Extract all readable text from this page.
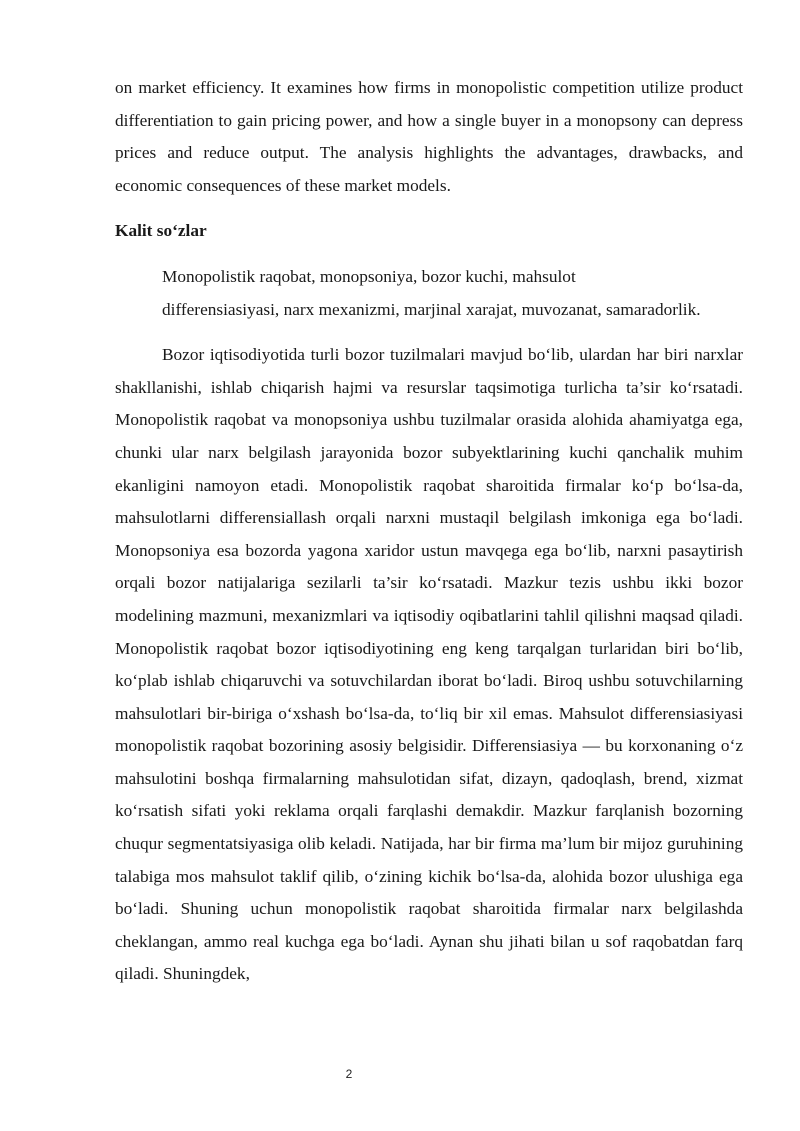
on market efficiency. It examines how firms in monopolistic competition utilize product differentiation to gain pricing power, and how a single buyer in a monopsony can depress prices and reduce output. The analysis highlights the advantages, drawbacks, and economic consequences of these market models.

Kalit so‘zlar

Monopolistik raqobat, monopsoniya, bozor kuchi, mahsulot
differensiasiyasi, narx mexanizmi, marjinal xarajat, muvozanat, samaradorlik.

Bozor iqtisodiyotida turli bozor tuzilmalari mavjud bo‘lib, ulardan har biri narxlar shakllanishi, ishlab chiqarish hajmi va resurslar taqsimotiga turlicha ta’sir ko‘rsatadi. Monopolistik raqobat va monopsoniya ushbu tuzilmalar orasida alohida ahamiyatga ega, chunki ular narx belgilash jarayonida bozor subyektlarining kuchi qanchalik muhim ekanligini namoyon etadi. Monopolistik raqobat sharoitida firmalar ko‘p bo‘lsa-da, mahsulotlarni differensiallash orqali narxni mustaqil belgilash imkoniga ega bo‘ladi. Monopsoniya esa bozorda yagona xaridor ustun mavqega ega bo‘lib, narxni pasaytirish orqali bozor natijalariga sezilarli ta’sir ko‘rsatadi. Mazkur tezis ushbu ikki bozor modelining mazmuni, mexanizmlari va iqtisodiy oqibatlarini tahlil qilishni maqsad qiladi. Monopolistik raqobat bozor iqtisodiyotining eng keng tarqalgan turlaridan biri bo‘lib, ko‘plab ishlab chiqaruvchi va sotuvchilardan iborat bo‘ladi. Biroq ushbu sotuvchilarning mahsulotlari bir-biriga o‘xshash bo‘lsa-da, to‘liq bir xil emas. Mahsulot differensiasiyasi monopolistik raqobat bozorining asosiy belgisidir. Differensiasiya — bu korxonaning o‘z mahsulotini boshqa firmalarning mahsulotidan sifat, dizayn, qadoqlash, brend, xizmat ko‘rsatish sifati yoki reklama orqali farqlashi demakdir. Mazkur farqlanish bozorning chuqur segmentatsiyasiga olib keladi. Natijada, har bir firma ma’lum bir mijoz guruhining talabiga mos mahsulot taklif qilib, o‘zining kichik bo‘lsa-da, alohida bozor ulushiga ega bo‘ladi. Shuning uchun monopolistik raqobat sharoitida firmalar narx belgilashda cheklangan, ammo real kuchga ega bo‘ladi. Aynan shu jihati bilan u sof raqobatdan farq qiladi. Shuningdek,

2
